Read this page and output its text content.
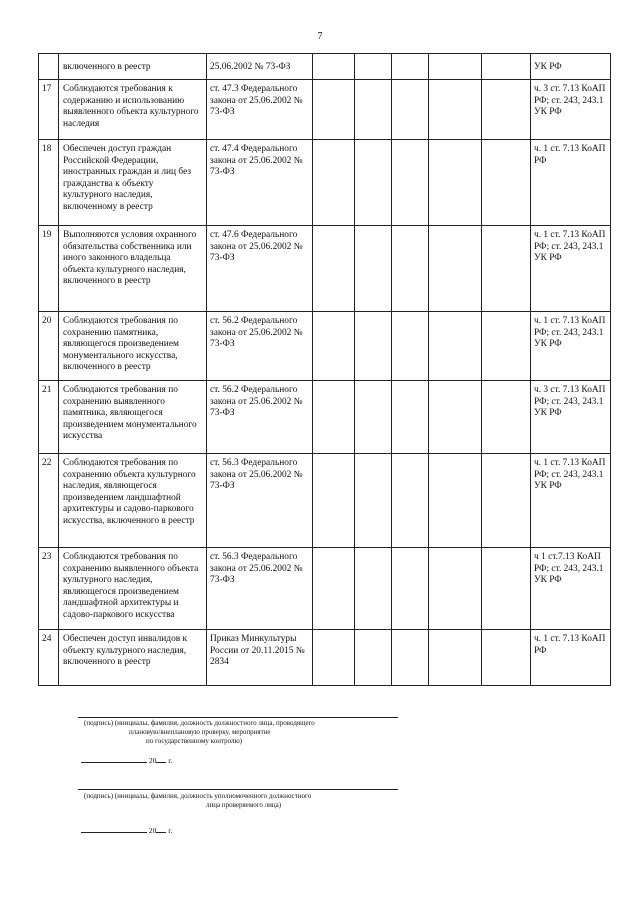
7
	включенного в реестр	25.06.2002 № 73-ФЗ						УК РФ
17	Соблюдаются требования к содержанию и использованию выявленного объекта культурного наследия	ст. 47.3 Федерального закона от 25.06.2002 № 73-ФЗ						ч. 3 ст. 7.13 КоАП РФ; ст. 243, 243.1 УК РФ
18	Обеспечен доступ граждан Российской Федерации, иностранных граждан и лиц без гражданства к объекту культурного наследия, включенному в реестр	ст. 47.4 Федерального закона от 25.06.2002 № 73-ФЗ						ч. 1 ст. 7.13 КоАП РФ
19	Выполняются условия охранного обязательства собственника или иного законного владельца объекта культурного наследия, включенного в реестр	ст. 47.6 Федерального закона от 25.06.2002 № 73-ФЗ						ч. 1 ст. 7.13 КоАП РФ; ст. 243, 243.1 УК РФ
20	Соблюдаются требования по сохранению памятника, являющегося произведением монументального искусства, включенного в реестр	ст. 56.2 Федерального закона от 25.06.2002 № 73-ФЗ						ч. 1 ст. 7.13 КоАП РФ; ст. 243, 243.1 УК РФ
21	Соблюдаются требования по сохранению выявленного памятника, являющегося произведением монументального искусства	ст. 56.2 Федерального закона от 25.06.2002 № 73-ФЗ						ч. 3 ст. 7.13 КоАП РФ; ст. 243, 243.1 УК РФ
22	Соблюдаются требования по сохранению объекта культурного наследия, являющегося произведением ландшафтной архитектуры и садово-паркового искусства, включенного в реестр	ст. 56.3 Федерального закона от 25.06.2002 № 73-ФЗ						ч. 1 ст. 7.13 КоАП РФ; ст. 243, 243.1 УК РФ
23	Соблюдаются требования по сохранению выявленного объекта культурного наследия, являющегося произведением ландшафтной архитектуры и садово-паркового искусства	ст. 56.3 Федерального закона от 25.06.2002 № 73-ФЗ						ч 1 ст.7.13 КоАП РФ; ст. 243, 243.1 УК РФ
24	Обеспечен доступ инвалидов к объекту культурного наследия, включенного в реестр	Приказ Минкультуры России от 20.11.2015 № 2834						ч. 1 ст. 7.13 КоАП РФ
(подпись) (инициалы, фамилия, должность должностного лица, проводящего
плановую/внеплановую проверку, мероприятие
по государственному контролю)
20 г.
(подпись) (инициалы, фамилия, должность уполномоченного должностного
лица проверяемого лица)
20 г.
